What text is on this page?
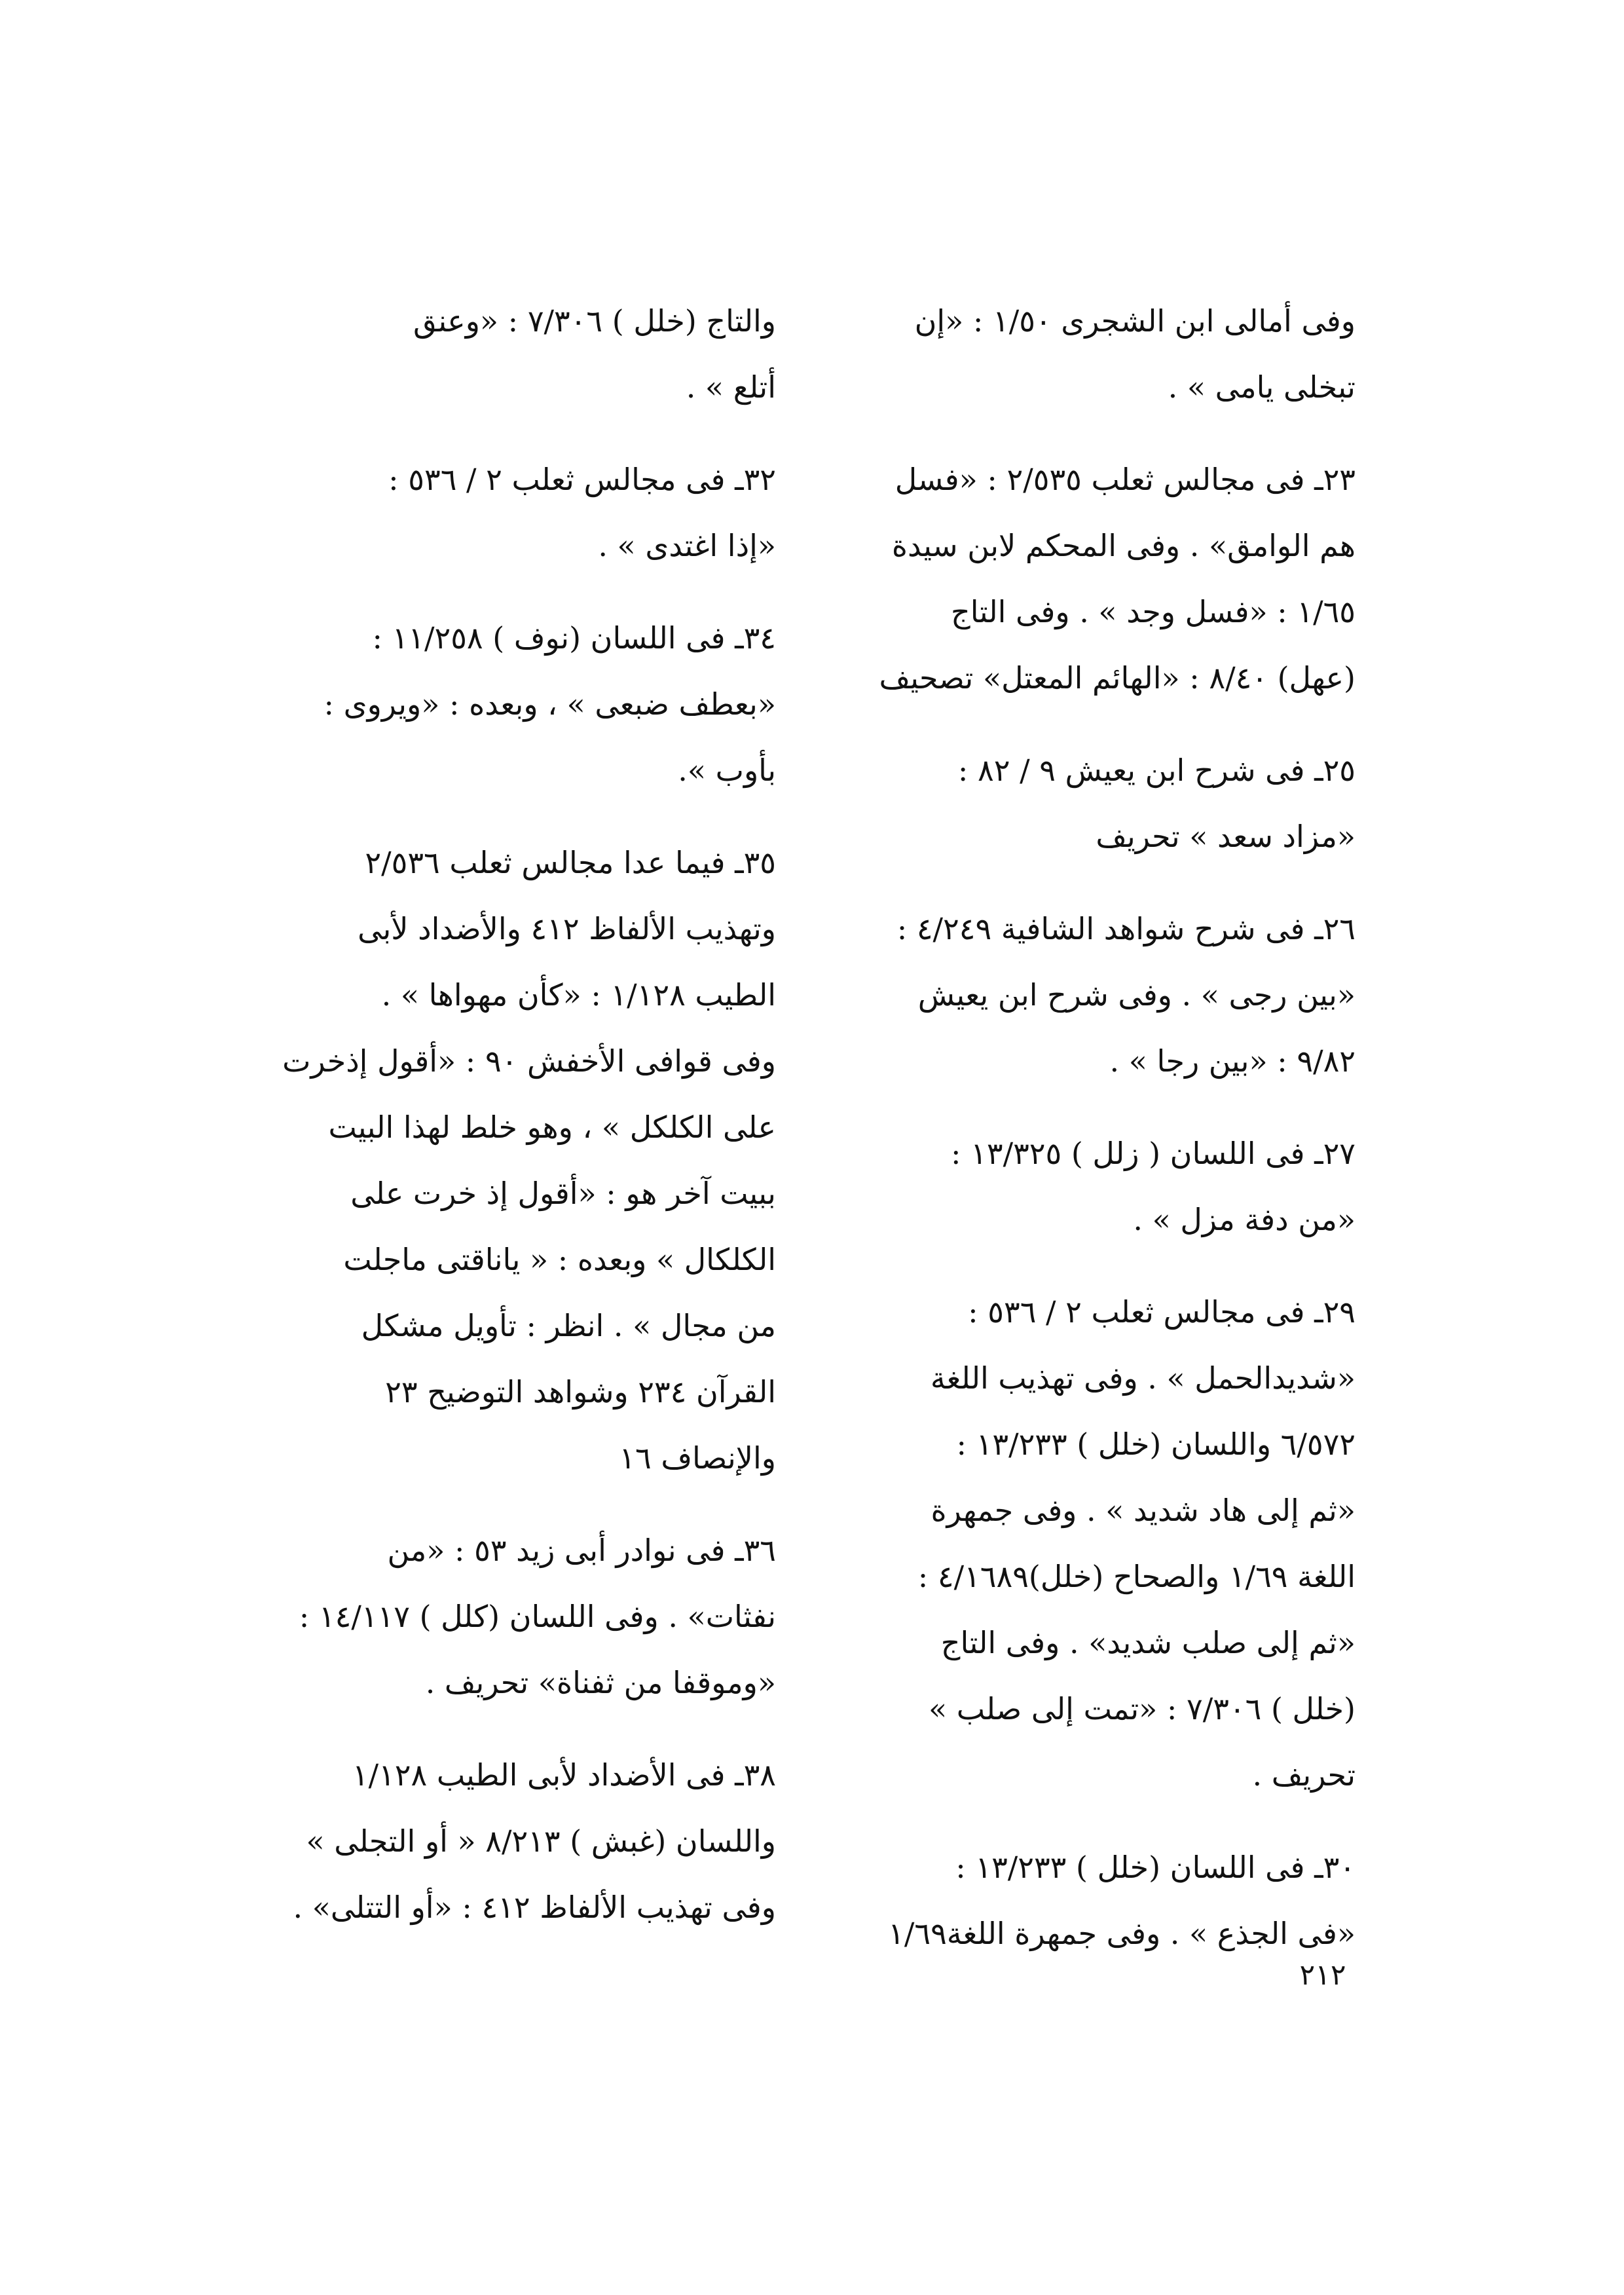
وفى أمالى ابن الشجرى ١/٥٠ : «إن
تبخلى يامى » .
٢٣ـ فى مجالس ثعلب ٢/٥٣٥ : «فسل
هم الوامق» . وفى المحكم لابن سيدة
١/٦٥ : «فسل وجد » . وفى التاج
(عهل) ٨/٤٠ : «الهائم المعتل» تصحيف
٢٥ـ فى شرح ابن يعيش ٩ / ٨٢ :
«مزاد سعد » تحريف
٢٦ـ فى شرح شواهد الشافية ٤/٢٤٩ :
«بين رجى » . وفى شرح ابن يعيش
٩/٨٢ : «بين رجا » .
٢٧ـ فى اللسان ( زلل ) ١٣/٣٢٥ :
«من دفة مزل » .
٢٩ـ فى مجالس ثعلب ٢ / ٥٣٦ :
«شديدالحمل » . وفى تهذيب اللغة
٦/٥٧٢ واللسان (خلل ) ١٣/٢٣٣ :
«ثم إلى هاد شديد » . وفى جمهرة
اللغة ١/٦٩ والصحاح (خلل)٤/١٦٨٩ :
«ثم إلى صلب شديد» . وفى التاج
(خلل ) ٧/٣٠٦ : «تمت إلى صلب »
تحريف .
٣٠ـ فى اللسان (خلل ) ١٣/٢٣٣ :
«فى الجذع » . وفى جمهرة اللغة١/٦٩
والتاج (خلل ) ٧/٣٠٦ : «وعنق
أتلع » .
٣٢ـ فى مجالس ثعلب ٢ / ٥٣٦ :
«إذا اغتدى » .
٣٤ـ فى اللسان (نوف ) ١١/٢٥٨ :
«بعطف ضبعى » ، وبعده : «ويروى :
بأوب ».
٣٥ـ فيما عدا مجالس ثعلب ٢/٥٣٦
وتهذيب الألفاظ ٤١٢ والأضداد لأبى
الطيب ١/١٢٨ : «كأن مهواها » .
وفى قوافى الأخفش ٩٠ : «أقول إذخرت
على الكلكل » ، وهو خلط لهذا البيت
ببيت آخر هو : «أقول إذ خرت على
الكلكال » وبعده : « ياناقتى ماجلت
من مجال » . انظر : تأويل مشكل
القرآن ٢٣٤ وشواهد التوضيح ٢٣
والإنصاف ١٦
٣٦ـ فى نوادر أبى زيد ٥٣ : «من
نفثات» . وفى اللسان (كلل ) ١٤/١١٧ :
«وموقفا من ثفناة» تحريف .
٣٨ـ فى الأضداد لأبى الطيب ١/١٢٨
واللسان (غبش ) ٨/٢١٣ « أو التجلى »
وفى تهذيب الألفاظ ٤١٢ : «أو التتلى» .
٢١٢
